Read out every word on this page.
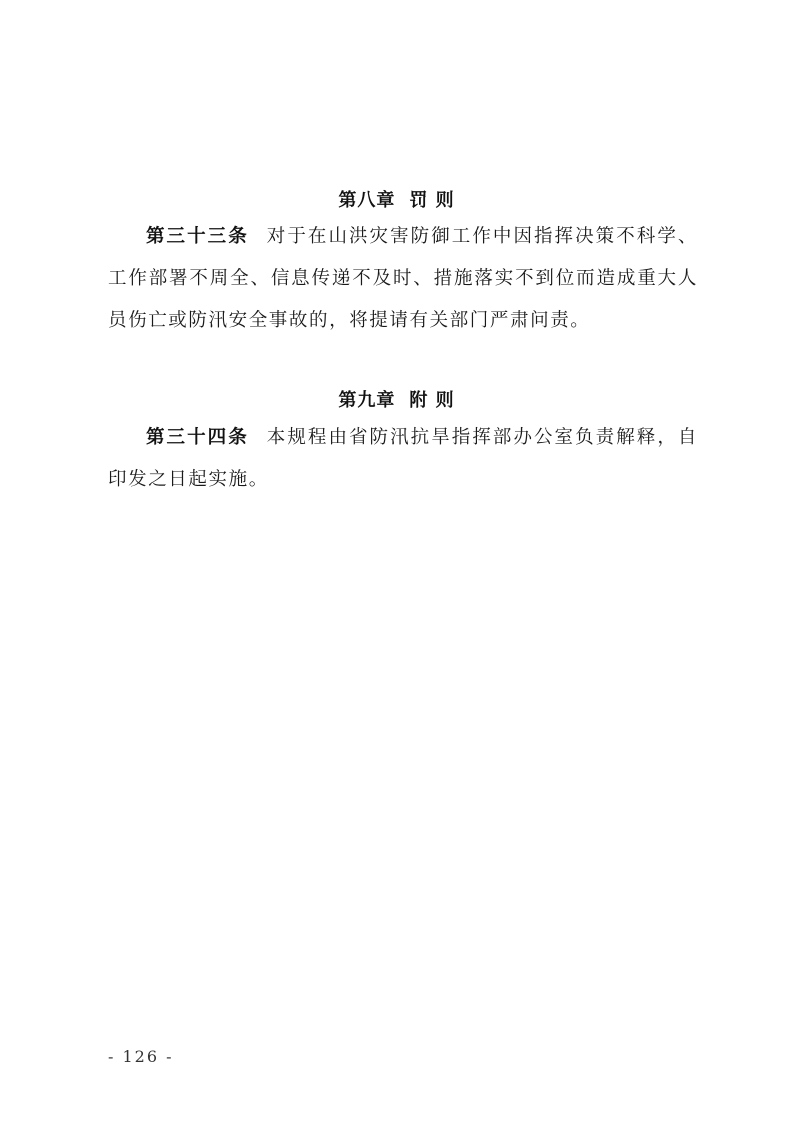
第八章 罚 则

第三十三条 对于在山洪灾害防御工作中因指挥决策不科学、工作部署不周全、信息传递不及时、措施落实不到位而造成重大人员伤亡或防汛安全事故的，将提请有关部门严肃问责。

第九章 附 则

第三十四条 本规程由省防汛抗旱指挥部办公室负责解释，自印发之日起实施。

- 126 -
